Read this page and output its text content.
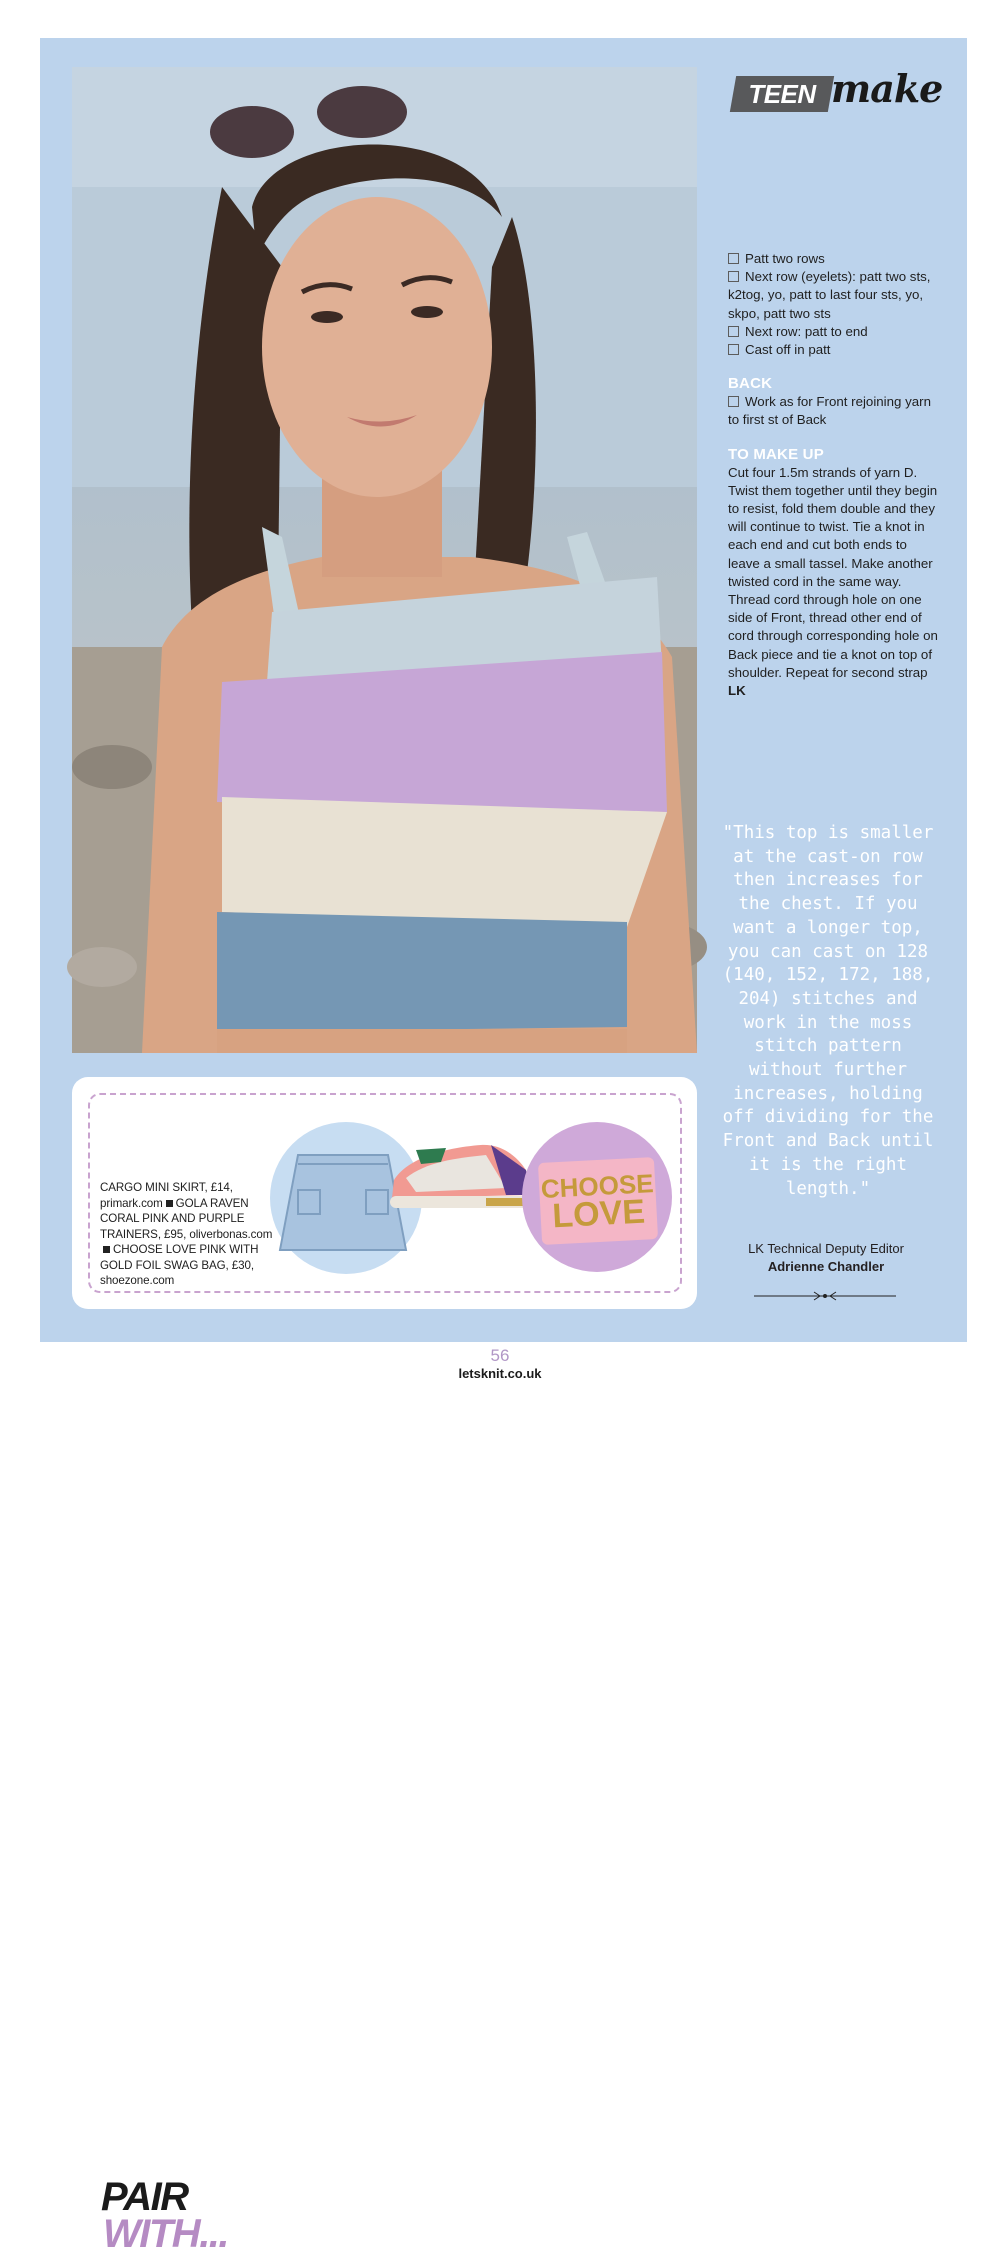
TEEN make
Patt two rows
Next row (eyelets): patt two sts, k2tog, yo, patt to last four sts, yo, skpo, patt two sts
Next row: patt to end
Cast off in patt
BACK
Work as for Front rejoining yarn to first st of Back
TO MAKE UP

Cut four 1.5m strands of yarn D. Twist them together until they begin to resist, fold them double and they will continue to twist. Tie a knot in each end and cut both ends to leave a small tassel. Make another twisted cord in the same way. Thread cord through hole on one side of Front, thread other end of cord through corresponding hole on Back piece and tie a knot on top of shoulder. Repeat for second strap LK

"This top is smaller at the cast-on row then increases for the chest. If you want a longer top, you can cast on 128 (140, 152, 172, 188, 204) stitches and work in the moss stitch pattern without further increases, holding off dividing for the Front and Back until it is the right length."
LK Technical Deputy Editor
Adrienne Chandler
PAIR
WITH...
CARGO MINI SKIRT, £14, primark.com GOLA RAVEN CORAL PINK AND PURPLE TRAINERS, £95, oliverbonas.comCHOOSE LOVE PINK WITH GOLD FOIL SWAG BAG, £30, shoezone.com
CHOOSE
LOVE
56
letsknit.co.uk
